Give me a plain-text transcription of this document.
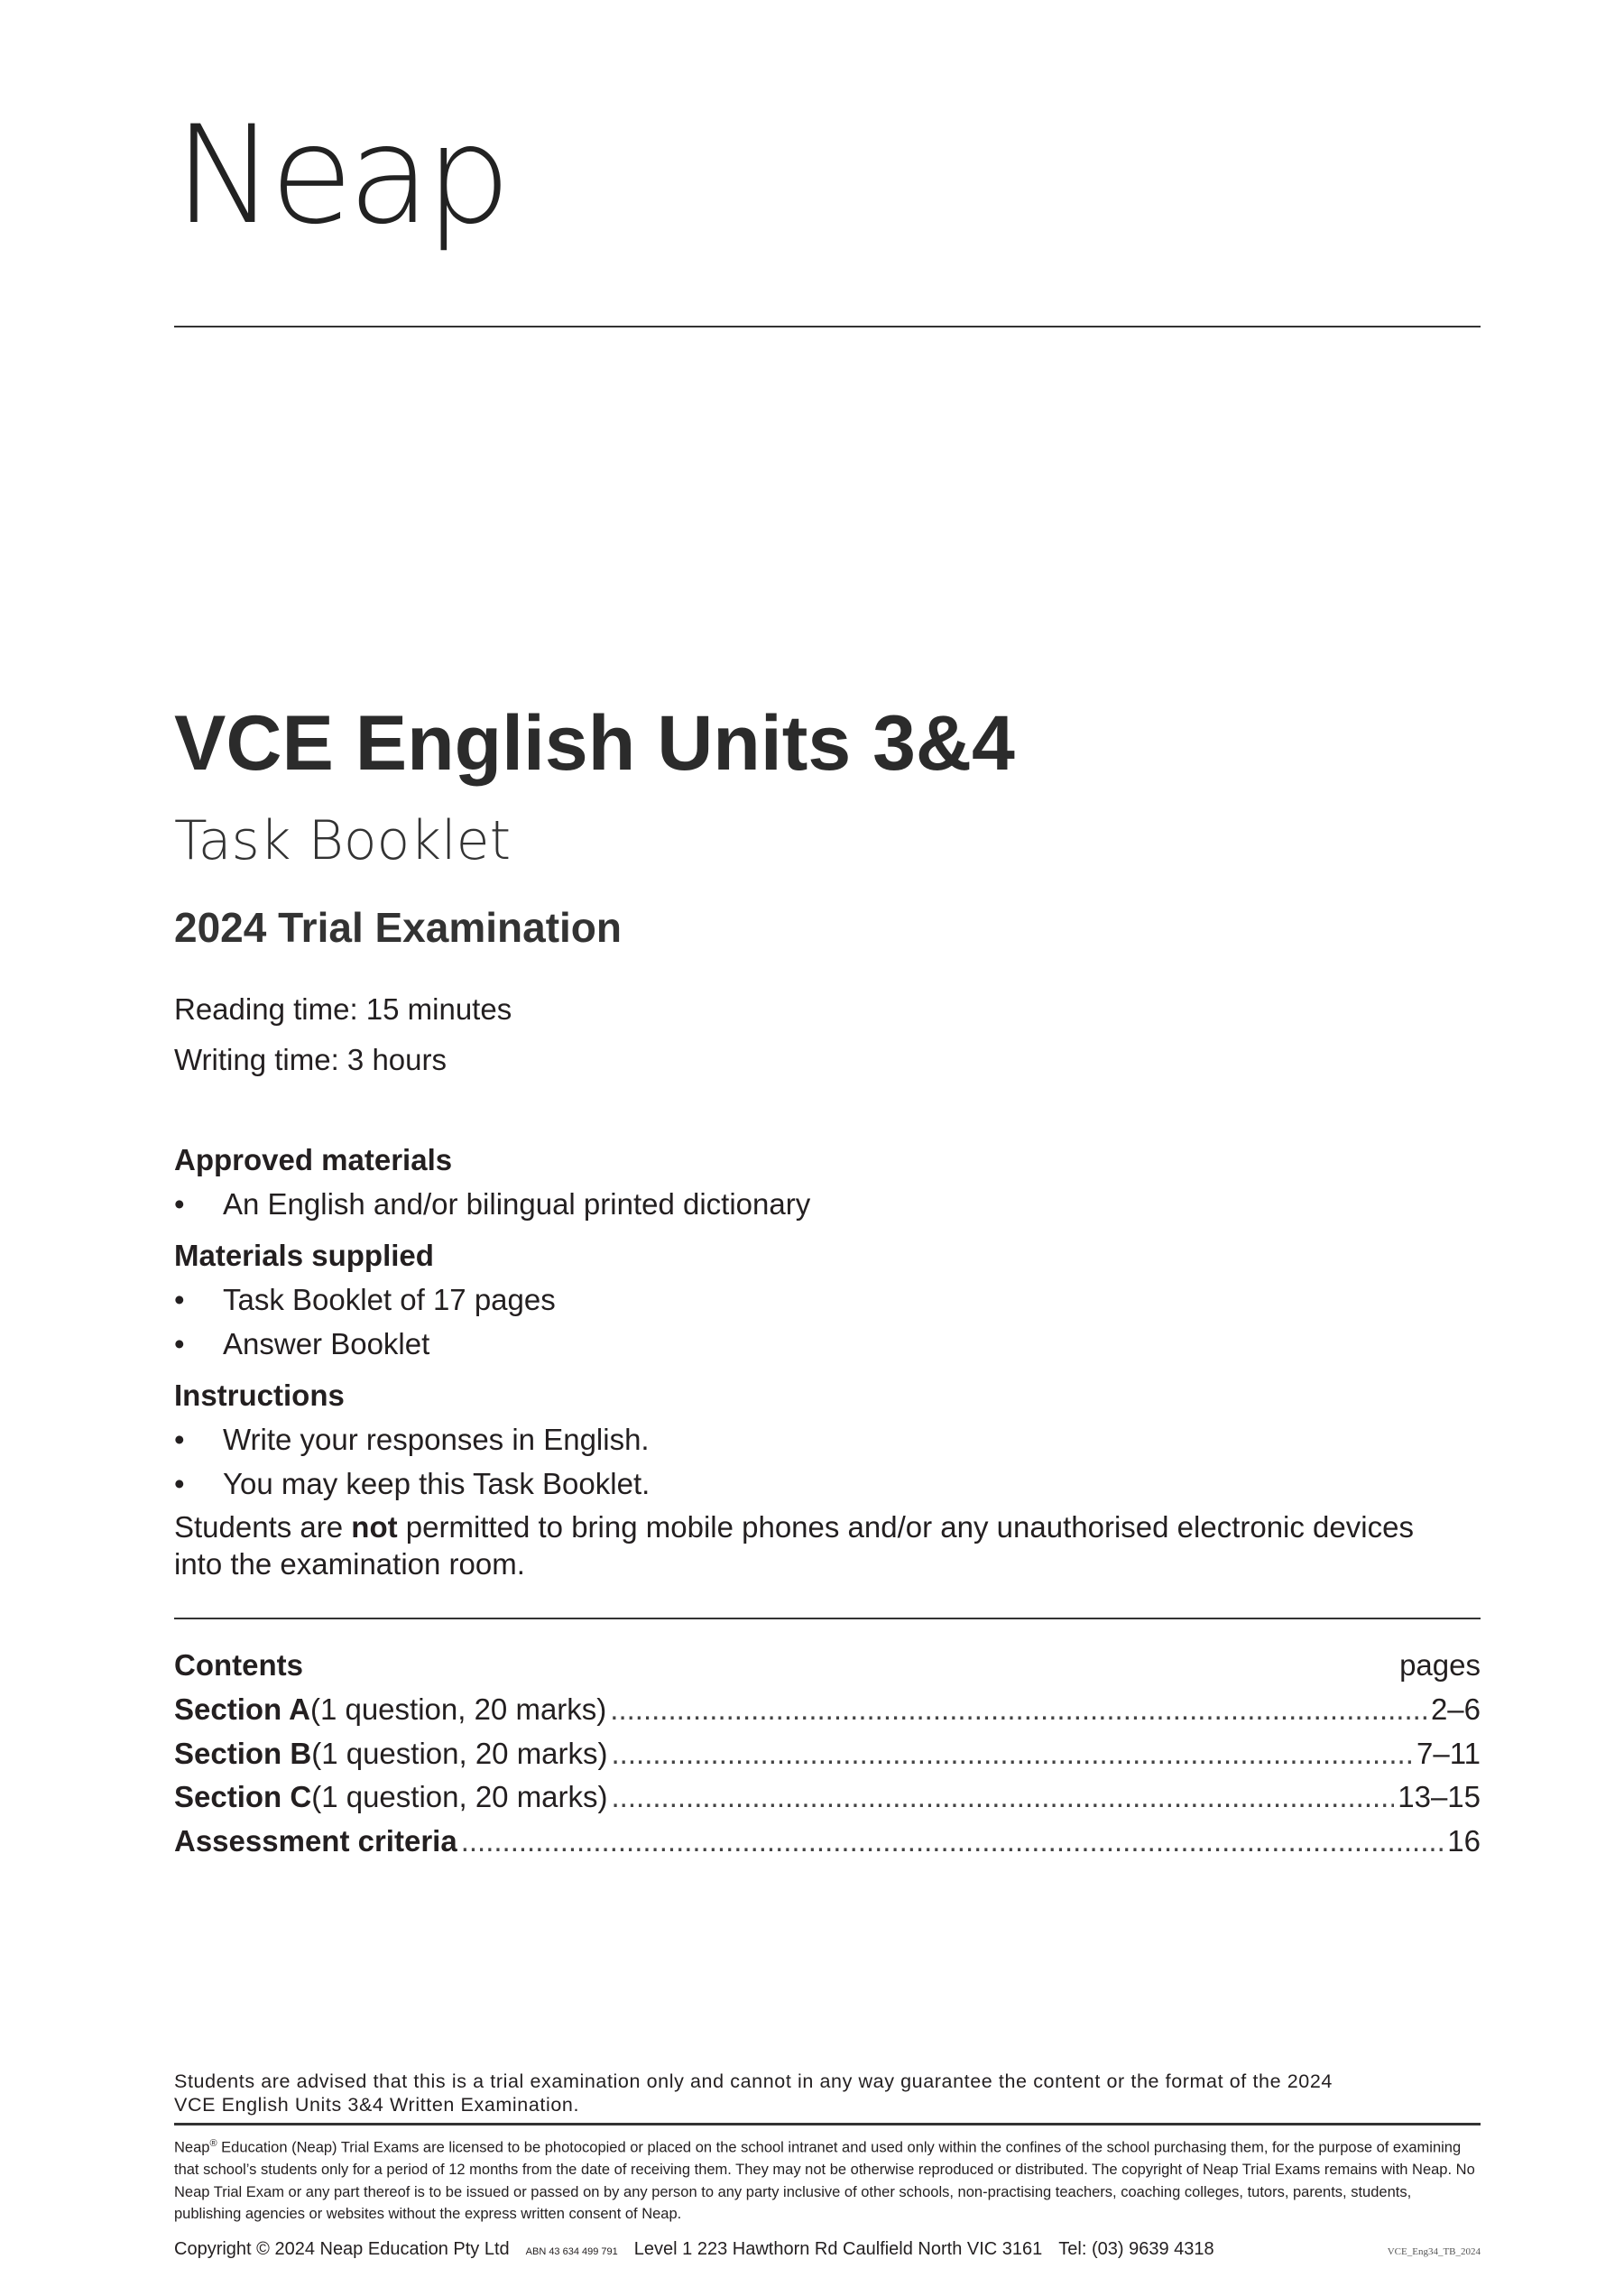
Neap
VCE English Units 3&4
Task Booklet
2024 Trial Examination
Reading time: 15 minutes
Writing time: 3 hours
Approved materials
• An English and/or bilingual printed dictionary
Materials supplied
• Task Booklet of 17 pages
• Answer Booklet
Instructions
• Write your responses in English.
• You may keep this Task Booklet.
Students are not permitted to bring mobile phones and/or any unauthorised electronic devices
into the examination room.
Contents	pages
Section A (1 question, 20 marks) .....	2–6
Section B (1 question, 20 marks) .....	7–11
Section C (1 question, 20 marks) .....	13–15
Assessment criteria .....	16
Students are advised that this is a trial examination only and cannot in any way guarantee the content or the format of the 2024
VCE English Units 3&4 Written Examination.
Neap® Education (Neap) Trial Exams are licensed to be photocopied or placed on the school intranet and used only within the confines of the school purchasing them, for the purpose of examining that school’s students only for a period of 12 months from the date of receiving them. They may not be otherwise reproduced or distributed. The copyright of Neap Trial Exams remains with Neap. No Neap Trial Exam or any part thereof is to be issued or passed on by any person to any party inclusive of other schools, non-practising teachers, coaching colleges, tutors, parents, students, publishing agencies or websites without the express written consent of Neap.
Copyright © 2024 Neap Education Pty Ltd ABN 43 634 499 791 Level 1 223 Hawthorn Rd Caulfield North VIC 3161 Tel: (03) 9639 4318	VCE_Eng34_TB_2024
